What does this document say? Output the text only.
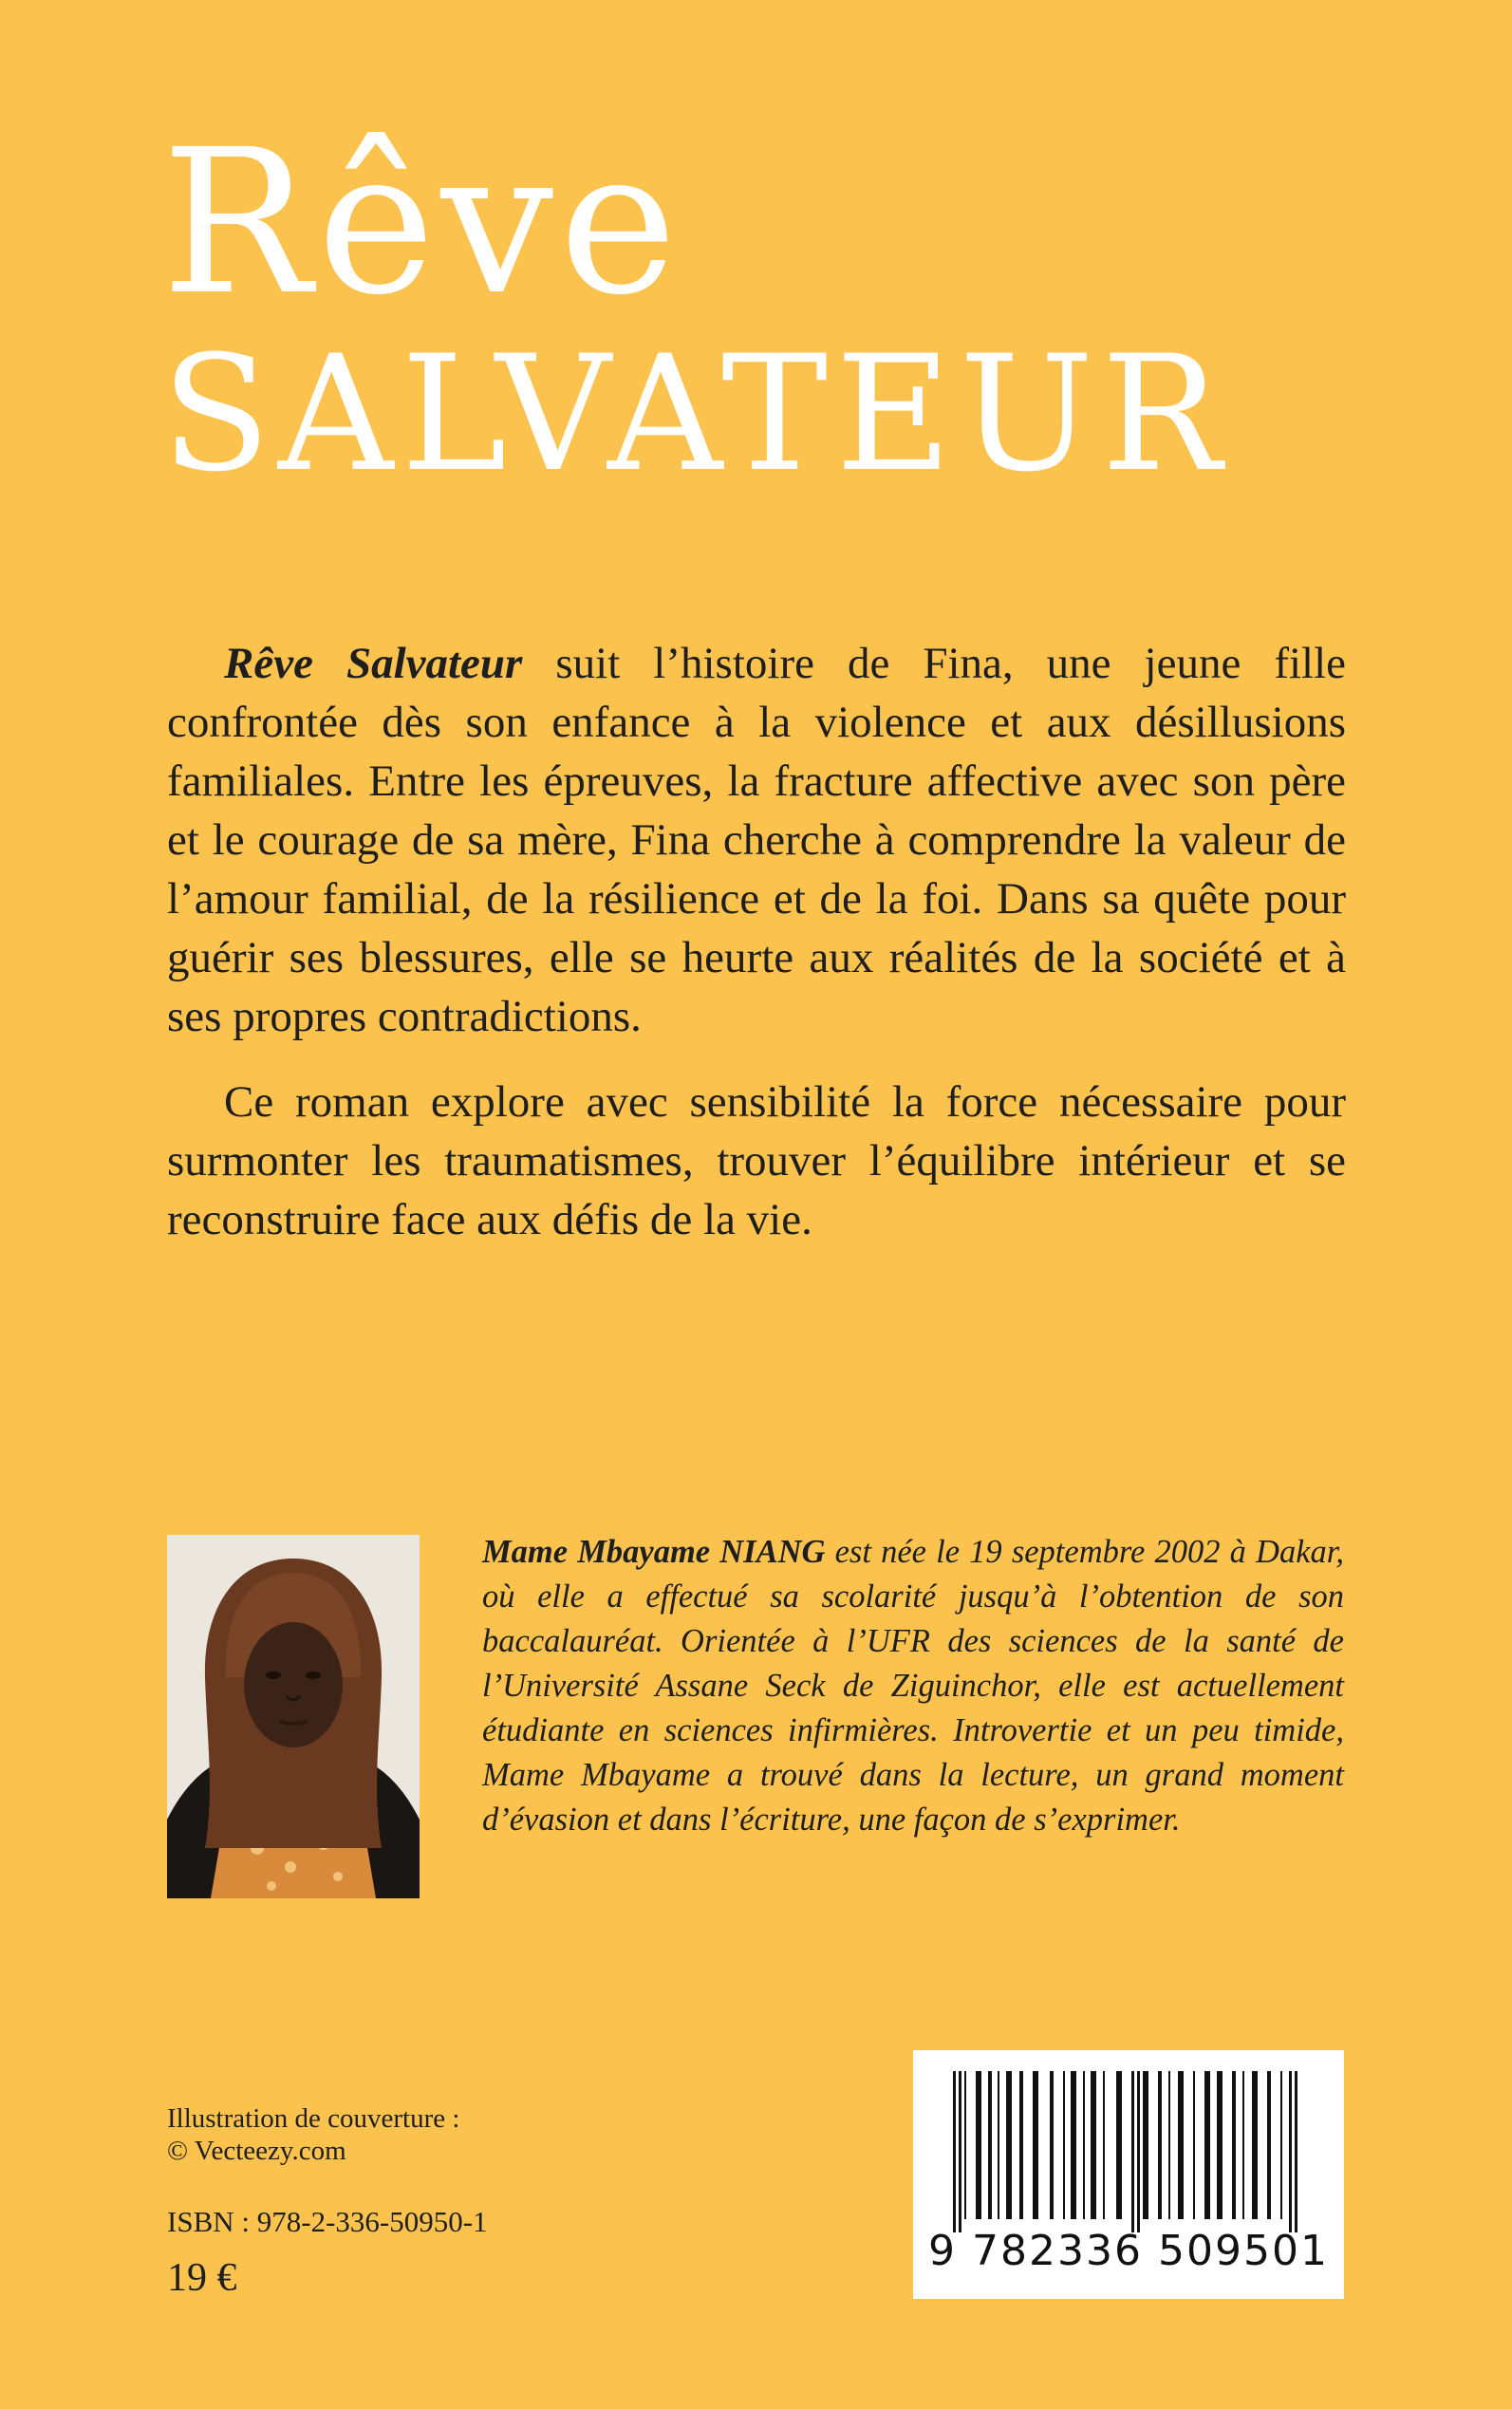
Rêve
SALVATEUR

Rêve Salvateur suit l’histoire de Fina, une jeune fille confrontée dès son enfance à la violence et aux désillusions familiales. Entre les épreuves, la fracture affective avec son père et le courage de sa mère, Fina cherche à comprendre la valeur de l’amour familial, de la résilience et de la foi. Dans sa quête pour guérir ses blessures, elle se heurte aux réalités de la société et à ses propres contradictions.

Ce roman explore avec sensibilité la force nécessaire pour surmonter les traumatismes, trouver l’équilibre intérieur et se reconstruire face aux défis de la vie.

Mame Mbayame NIANG est née le 19 septembre 2002 à Dakar, où elle a effectué sa scolarité jusqu’à l’obtention de son baccalauréat. Orientée à l’UFR des sciences de la santé de l’Université Assane Seck de Ziguinchor, elle est actuellement étudiante en sciences infirmières. Introvertie et un peu timide, Mame Mbayame a trouvé dans la lecture, un grand moment d’évasion et dans l’écriture, une façon de s’exprimer.

Illustration de couverture :
© Vecteezy.com
ISBN : 978-2-336-50950-1
19 €
9 782336 509501
